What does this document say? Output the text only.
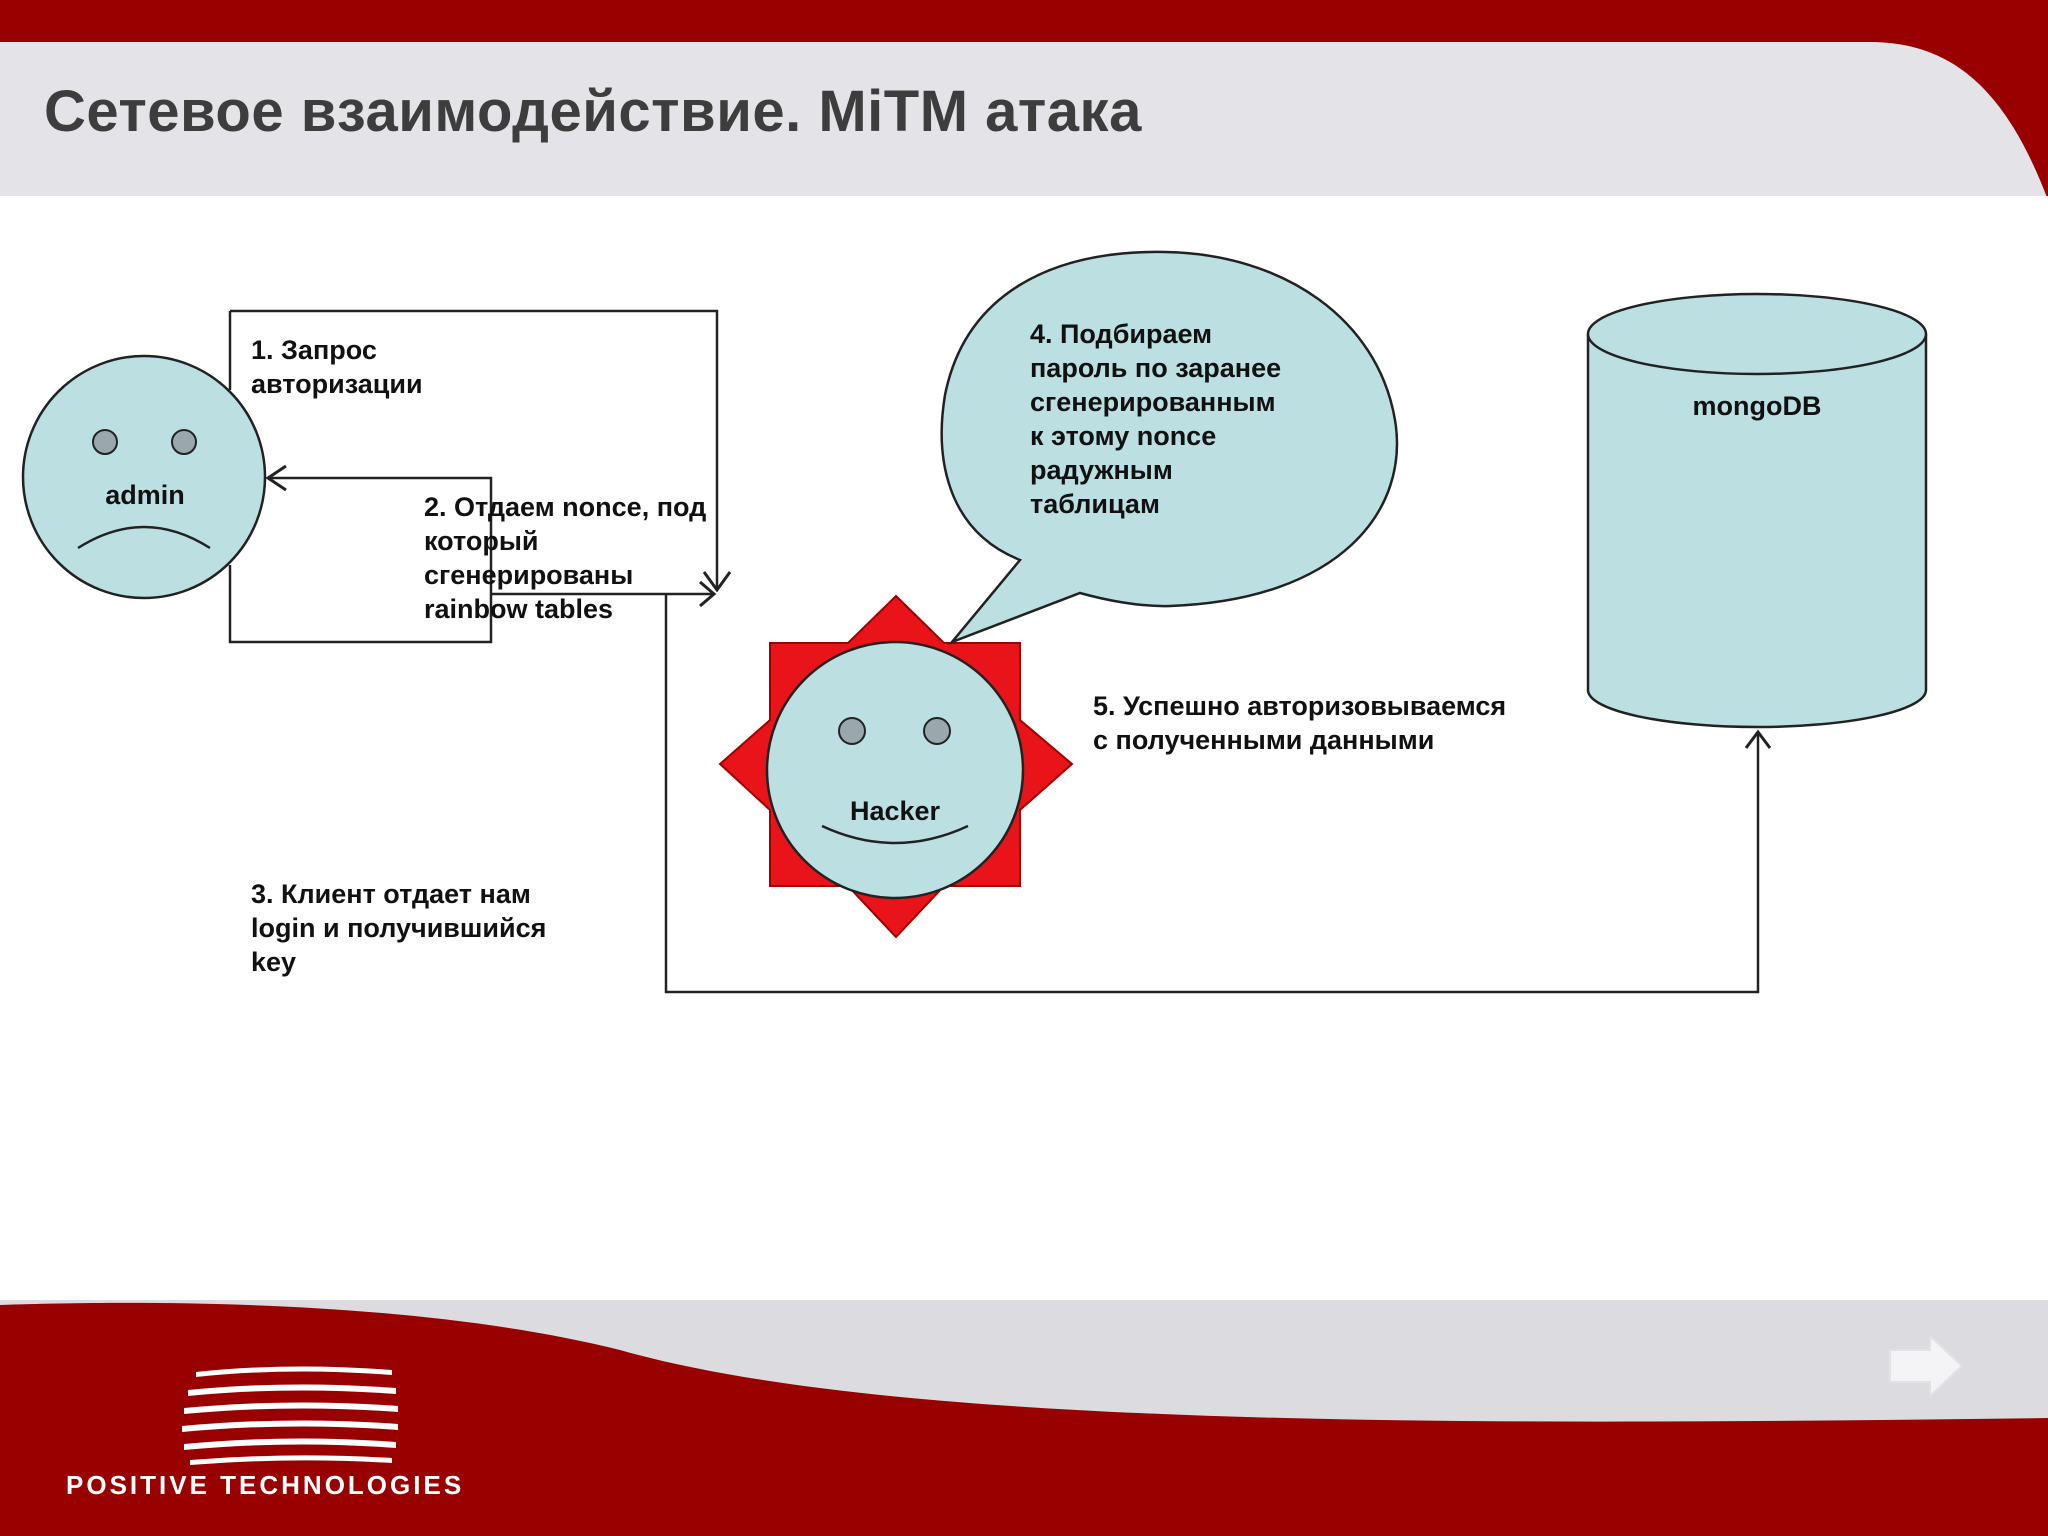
Сетевое взаимодействие. MiTM атака

admin

Hacker

mongoDB

1. Запрос
авторизации
2. Отдаем nonce, под
который
сгенерированы
rainbow tables
3. Клиент отдает нам
login и получившийся
key
4. Подбираем
пароль по заранее
сгенерированным
к этому nonce
радужным
таблицам
5. Успешно авторизовываемся
с полученными данными

POSITIVE TECHNOLOGIES
